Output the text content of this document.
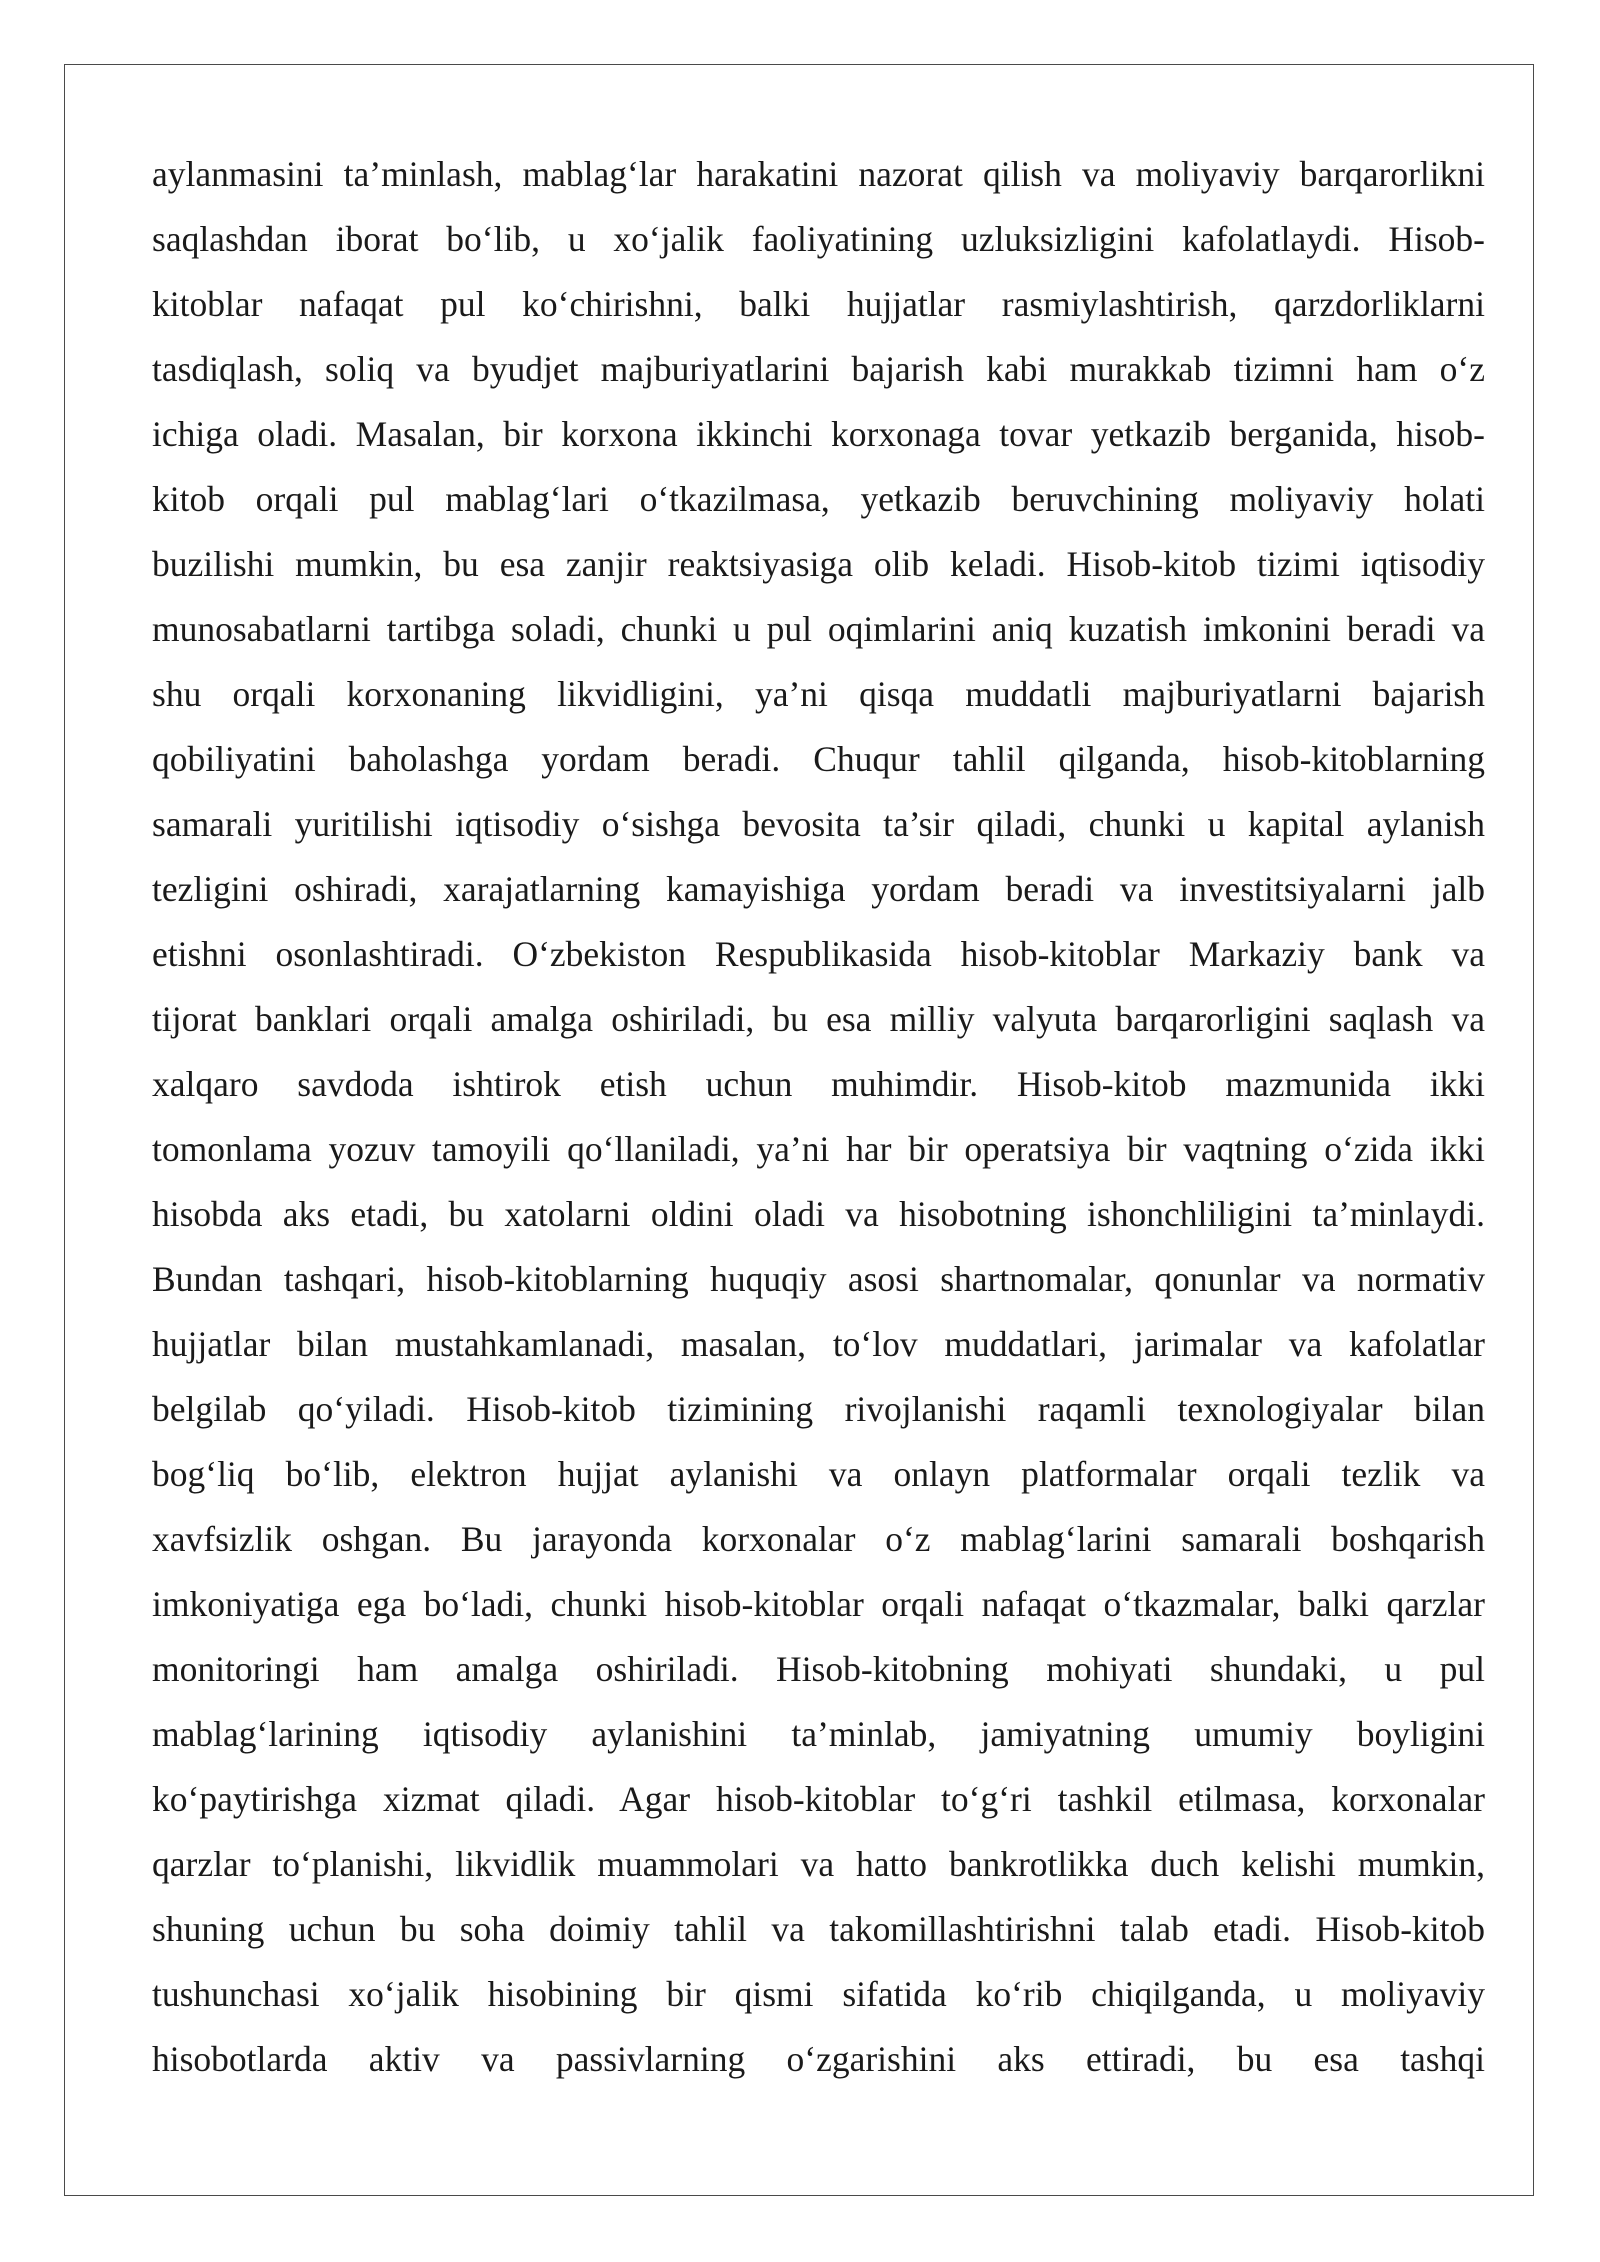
aylanmasini ta’minlash, mablag‘lar harakatini nazorat qilish va moliyaviy barqarorlikni
saqlashdan iborat bo‘lib, u xo‘jalik faoliyatining uzluksizligini kafolatlaydi. Hisob-
kitoblar nafaqat pul ko‘chirishni, balki hujjatlar rasmiylashtirish, qarzdorliklarni
tasdiqlash, soliq va byudjet majburiyatlarini bajarish kabi murakkab tizimni ham o‘z
ichiga oladi. Masalan, bir korxona ikkinchi korxonaga tovar yetkazib berganida, hisob-
kitob orqali pul mablag‘lari o‘tkazilmasa, yetkazib beruvchining moliyaviy holati
buzilishi mumkin, bu esa zanjir reaktsiyasiga olib keladi. Hisob-kitob tizimi iqtisodiy
munosabatlarni tartibga soladi, chunki u pul oqimlarini aniq kuzatish imkonini beradi va
shu orqali korxonaning likvidligini, ya’ni qisqa muddatli majburiyatlarni bajarish
qobiliyatini baholashga yordam beradi. Chuqur tahlil qilganda, hisob-kitoblarning
samarali yuritilishi iqtisodiy o‘sishga bevosita ta’sir qiladi, chunki u kapital aylanish
tezligini oshiradi, xarajatlarning kamayishiga yordam beradi va investitsiyalarni jalb
etishni osonlashtiradi. O‘zbekiston Respublikasida hisob-kitoblar Markaziy bank va
tijorat banklari orqali amalga oshiriladi, bu esa milliy valyuta barqarorligini saqlash va
xalqaro savdoda ishtirok etish uchun muhimdir. Hisob-kitob mazmunida ikki
tomonlama yozuv tamoyili qo‘llaniladi, ya’ni har bir operatsiya bir vaqtning o‘zida ikki
hisobda aks etadi, bu xatolarni oldini oladi va hisobotning ishonchliligini ta’minlaydi.
Bundan tashqari, hisob-kitoblarning huquqiy asosi shartnomalar, qonunlar va normativ
hujjatlar bilan mustahkamlanadi, masalan, to‘lov muddatlari, jarimalar va kafolatlar
belgilab qo‘yiladi. Hisob-kitob tizimining rivojlanishi raqamli texnologiyalar bilan
bog‘liq bo‘lib, elektron hujjat aylanishi va onlayn platformalar orqali tezlik va
xavfsizlik oshgan. Bu jarayonda korxonalar o‘z mablag‘larini samarali boshqarish
imkoniyatiga ega bo‘ladi, chunki hisob-kitoblar orqali nafaqat o‘tkazmalar, balki qarzlar
monitoringi ham amalga oshiriladi. Hisob-kitobning mohiyati shundaki, u pul
mablag‘larining iqtisodiy aylanishini ta’minlab, jamiyatning umumiy boyligini
ko‘paytirishga xizmat qiladi. Agar hisob-kitoblar to‘g‘ri tashkil etilmasa, korxonalar
qarzlar to‘planishi, likvidlik muammolari va hatto bankrotlikka duch kelishi mumkin,
shuning uchun bu soha doimiy tahlil va takomillashtirishni talab etadi. Hisob-kitob
tushunchasi xo‘jalik hisobining bir qismi sifatida ko‘rib chiqilganda, u moliyaviy
hisobotlarda aktiv va passivlarning o‘zgarishini aks ettiradi, bu esa tashqi
